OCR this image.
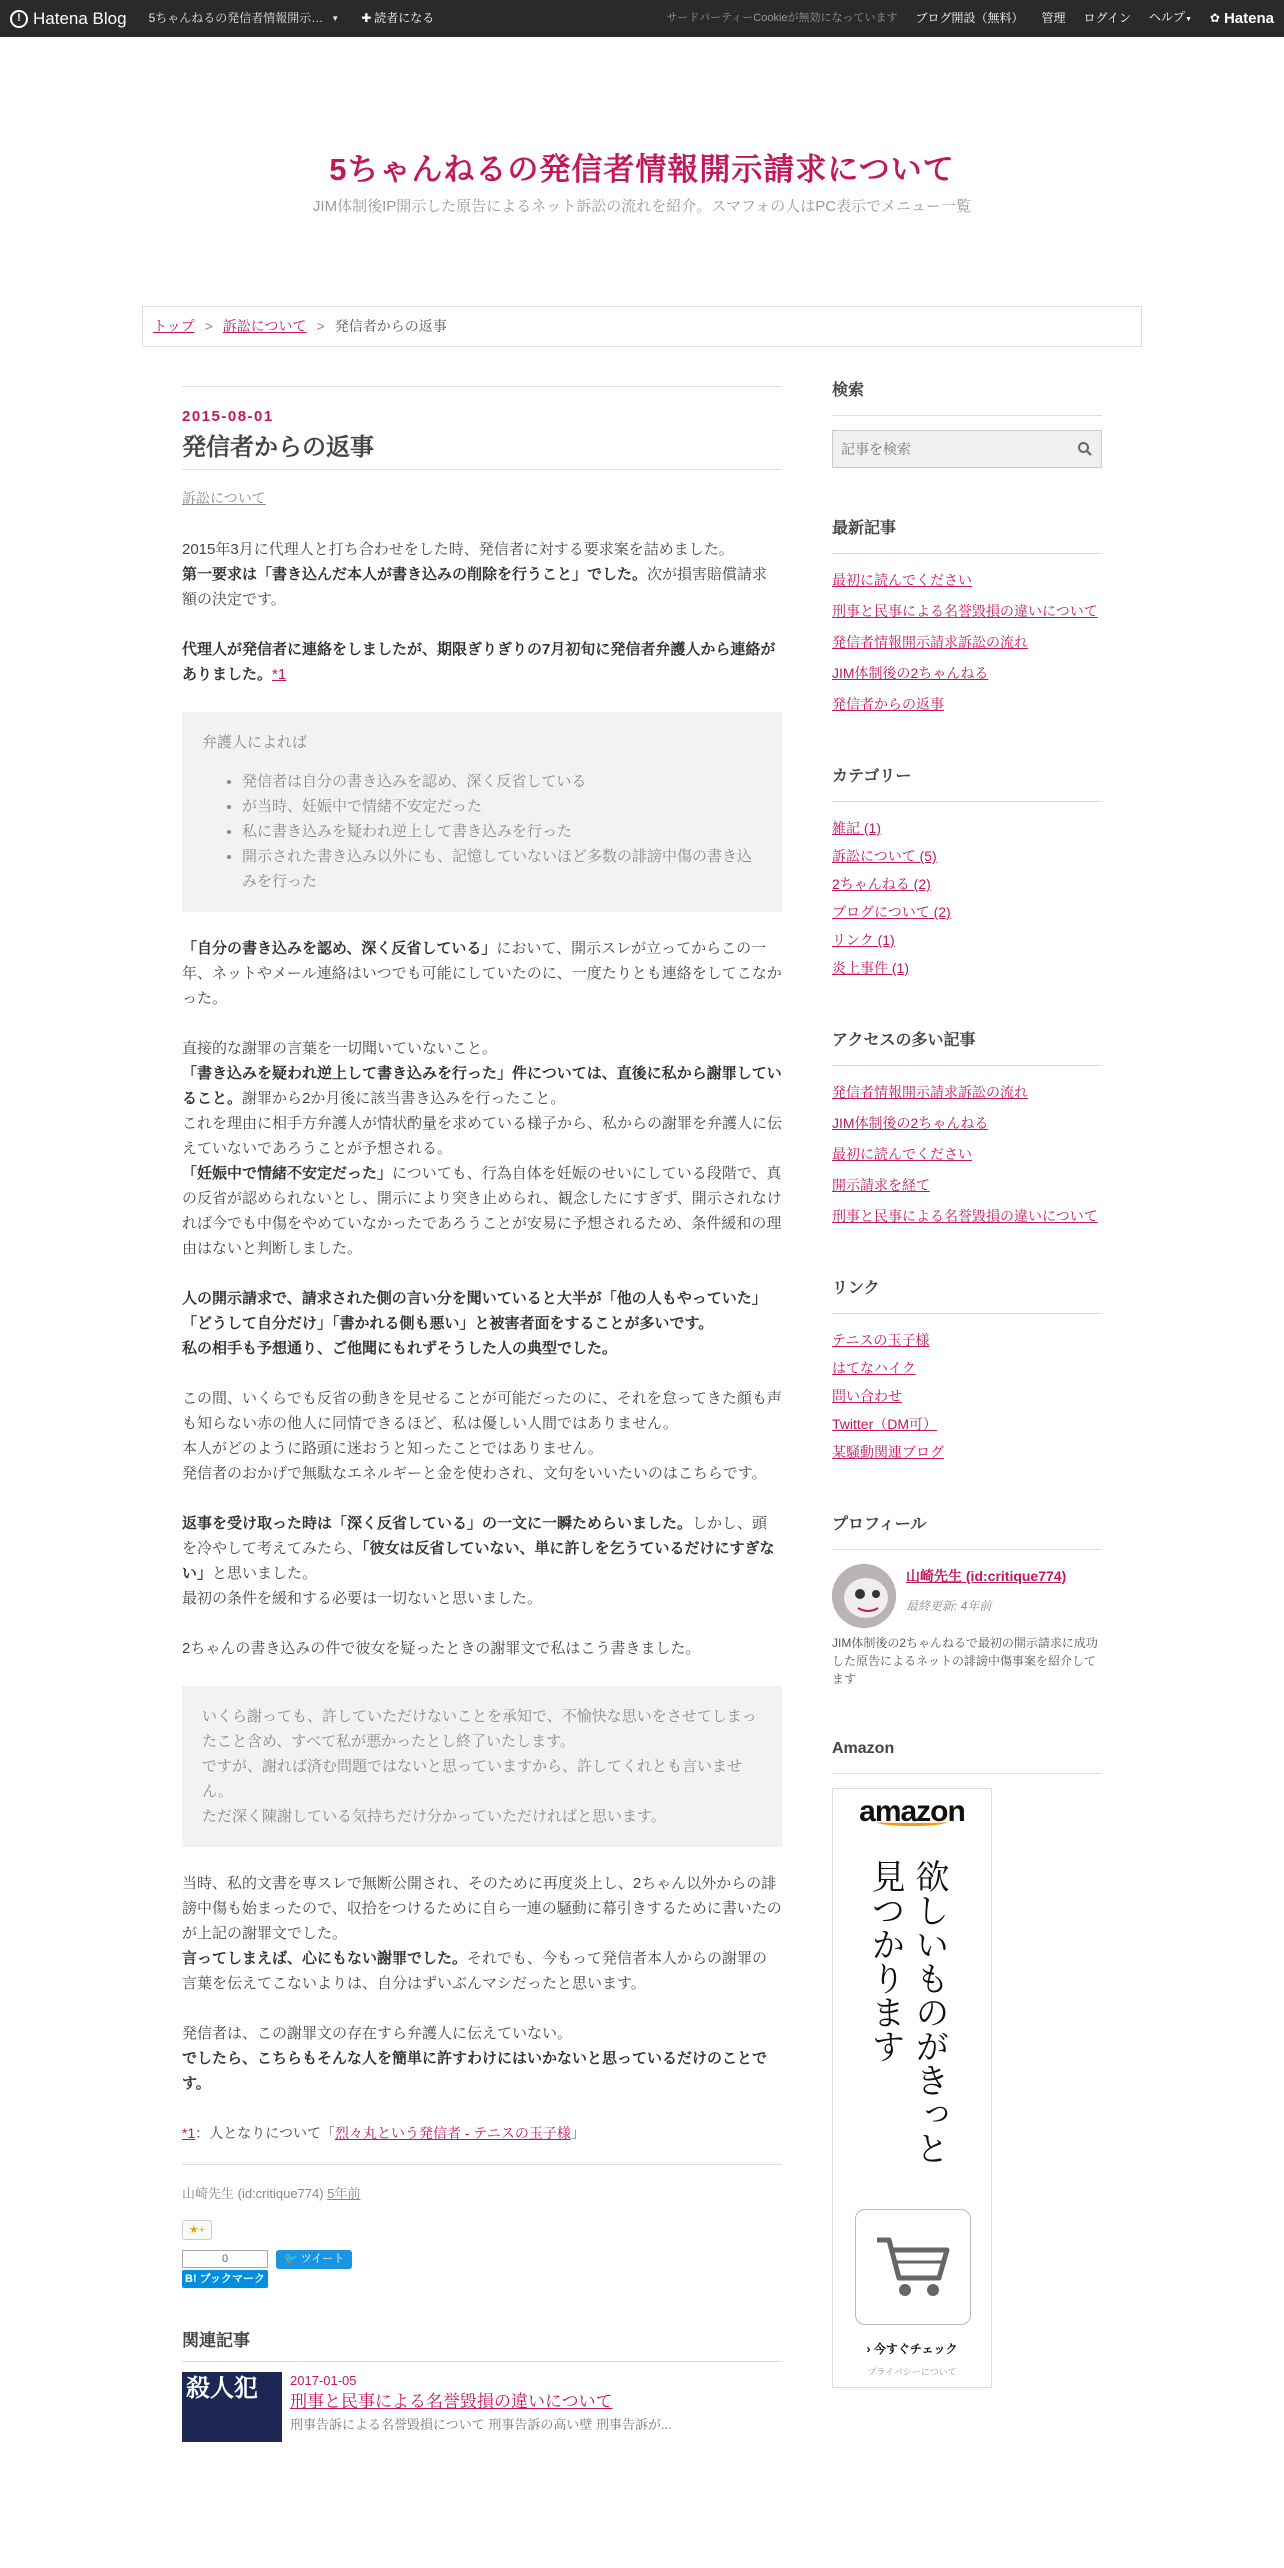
! Hatena Blog 5ちゃんねるの発信者情報開示… ▼ ✚ 読者になる	サードパーティーCookieが無効になっています ブログ開設（無料） 管理 ログイン ヘルプ▼ ✿ Hatena
5ちゃんねるの発信者情報開示請求について
JIM体制後IP開示した原告によるネット訴訟の流れを紹介。スマフォの人はPC表示でメニュー一覧
トップ > 訴訟について > 発信者からの返事
2015-08-01
発信者からの返事
訴訟について

2015年3月に代理人と打ち合わせをした時、発信者に対する要求案を詰めました。
第一要求は「書き込んだ本人が書き込みの削除を行うこと」でした。次が損害賠償請求額の決定です。

代理人が発信者に連絡をしましたが、期限ぎりぎりの7月初旬に発信者弁護人から連絡がありました。*1

弁護人によれば

• 発信者は自分の書き込みを認め、深く反省している
• が当時、妊娠中で情緒不安定だった
• 私に書き込みを疑われ逆上して書き込みを行った
• 開示された書き込み以外にも、記憶していないほど多数の誹謗中傷の書き込みを行った

「自分の書き込みを認め、深く反省している」において、開示スレが立ってからこの一年、ネットやメール連絡はいつでも可能にしていたのに、一度たりとも連絡をしてこなかった。

直接的な謝罪の言葉を一切聞いていないこと。
「書き込みを疑われ逆上して書き込みを行った」件については、直後に私から謝罪していること。謝罪から2か月後に該当書き込みを行ったこと。
これを理由に相手方弁護人が情状酌量を求めている様子から、私からの謝罪を弁護人に伝えていないであろうことが予想される。
「妊娠中で情緒不安定だった」についても、行為自体を妊娠のせいにしている段階で、真の反省が認められないとし、開示により突き止められ、観念したにすぎず、開示されなければ今でも中傷をやめていなかったであろうことが安易に予想されるため、条件緩和の理由はないと判断しました。

人の開示請求で、請求された側の言い分を聞いていると大半が「他の人もやっていた」「どうして自分だけ」「書かれる側も悪い」と被害者面をすることが多いです。
私の相手も予想通り、ご他聞にもれずそうした人の典型でした。

この間、いくらでも反省の動きを見せることが可能だったのに、それを怠ってきた顔も声も知らない赤の他人に同情できるほど、私は優しい人間ではありません。
本人がどのように路頭に迷おうと知ったことではありません。
発信者のおかげで無駄なエネルギーと金を使わされ、文句をいいたいのはこちらです。

返事を受け取った時は「深く反省している」の一文に一瞬ためらいました。しかし、頭を冷やして考えてみたら、「彼女は反省していない、単に許しを乞うているだけにすぎない」と思いました。
最初の条件を緩和する必要は一切ないと思いました。

2ちゃんの書き込みの件で彼女を疑ったときの謝罪文で私はこう書きました。

いくら謝っても、許していただけないことを承知で、不愉快な思いをさせてしまったこと含め、すべて私が悪かったとし終了いたします。

ですが、謝れば済む問題ではないと思っていますから、許してくれとも言いません。

ただ深く陳謝している気持ちだけ分かっていただければと思います。

当時、私的文書を専スレで無断公開され、そのために再度炎上し、2ちゃん以外からの誹謗中傷も始まったので、収拾をつけるために自ら一連の騒動に幕引きするために書いたのが上記の謝罪文でした。
言ってしまえば、心にもない謝罪でした。それでも、今もって発信者本人からの謝罪の言葉を伝えてこないよりは、自分はずいぶんマシだったと思います。

発信者は、この謝罪文の存在すら弁護人に伝えていない。
でしたら、こちらもそんな人を簡単に許すわけにはいかないと思っているだけのことです。

*1：人となりについて「烈々丸という発信者 - テニスの玉子様」
山崎先生 (id:critique774) 5年前
★+
0
B! ブックマーク
🐦 ツイート
関連記事
殺人犯	2017-01-05
刑事と民事による名誉毀損の違いについて
刑事告訴による名誉毀損について 刑事告訴の高い壁 刑事告訴が...
検索
記事を検索
最新記事
最初に読んでください
刑事と民事による名誉毀損の違いについて
発信者情報開示請求訴訟の流れ
JIM体制後の2ちゃんねる
発信者からの返事
カテゴリー
雑記 (1)
訴訟について (5)
2ちゃんねる (2)
ブログについて (2)
リンク (1)
炎上事件 (1)
アクセスの多い記事
発信者情報開示請求訴訟の流れ
JIM体制後の2ちゃんねる
最初に読んでください
開示請求を経て
刑事と民事による名誉毀損の違いについて
リンク
テニスの玉子様
はてなハイク
問い合わせ
Twitter（DM可）
某騒動関連ブログ
プロフィール
山崎先生 (id:critique774)
最終更新: 4年前
JIM体制後の2ちゃんねるで最初の開示請求に成功した原告によるネットの誹謗中傷事案を紹介してます
Amazon
amazon
欲しいものがきっと見つかります
› 今すぐチェック
プライバシーについて
